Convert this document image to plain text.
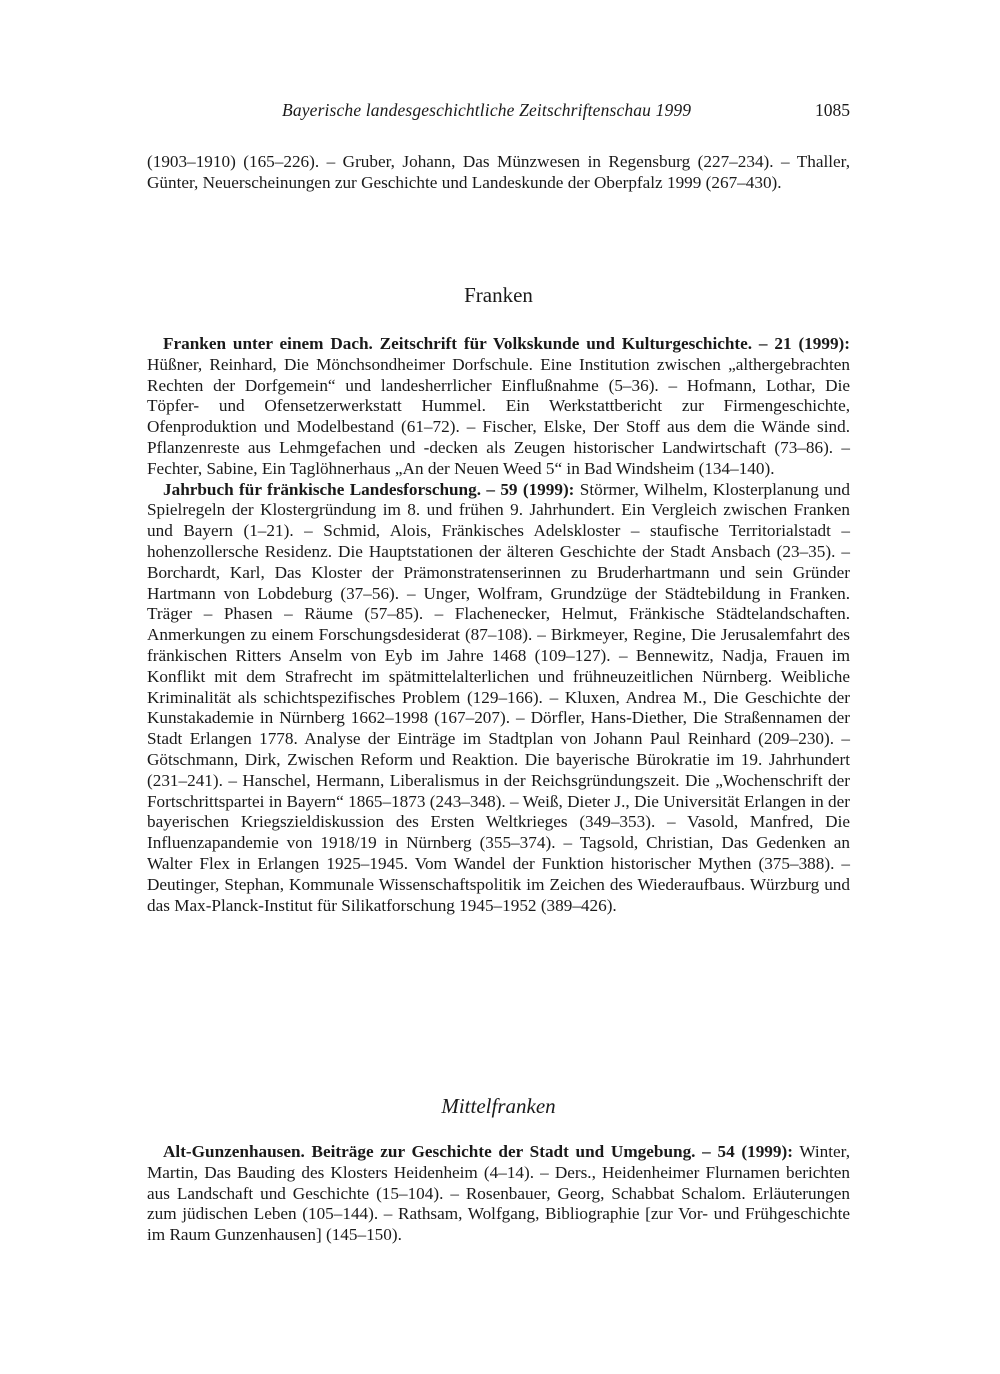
Bayerische landesgeschichtliche Zeitschriftenschau 1999	1085

(1903–1910) (165–226). – Gruber, Johann, Das Münzwesen in Regensburg (227–234). – Thaller, Günter, Neuerscheinungen zur Geschichte und Landeskunde der Oberpfalz 1999 (267–430).

Franken

Franken unter einem Dach. Zeitschrift für Volkskunde und Kulturgeschichte. – 21 (1999): Hüßner, Reinhard, Die Mönchsondheimer Dorfschule. Eine Institution zwischen „althergebrachten Rechten der Dorfgemein“ und landesherrlicher Einflußnahme (5–36). – Hofmann, Lothar, Die Töpfer- und Ofensetzerwerkstatt Hummel. Ein Werkstattbericht zur Firmengeschichte, Ofenproduktion und Modelbestand (61–72). – Fischer, Elske, Der Stoff aus dem die Wände sind. Pflanzenreste aus Lehmgefachen und -decken als Zeugen historischer Landwirtschaft (73–86). – Fechter, Sabine, Ein Taglöhnerhaus „An der Neuen Weed 5“ in Bad Windsheim (134–140).

Jahrbuch für fränkische Landesforschung. – 59 (1999): Störmer, Wilhelm, Klosterplanung und Spielregeln der Klostergründung im 8. und frühen 9. Jahrhundert. Ein Vergleich zwischen Franken und Bayern (1–21). – Schmid, Alois, Fränkisches Adelskloster – staufische Territorialstadt – hohenzollersche Residenz. Die Hauptstationen der älteren Geschichte der Stadt Ansbach (23–35). – Borchardt, Karl, Das Kloster der Prämonstratenserinnen zu Bruderhartmann und sein Gründer Hartmann von Lobdeburg (37–56). – Unger, Wolfram, Grundzüge der Städtebildung in Franken. Träger – Phasen – Räume (57–85). – Flachenecker, Helmut, Fränkische Städtelandschaften. Anmerkungen zu einem Forschungsdesiderat (87–108). – Birkmeyer, Regine, Die Jerusalemfahrt des fränkischen Ritters Anselm von Eyb im Jahre 1468 (109–127). – Bennewitz, Nadja, Frauen im Konflikt mit dem Strafrecht im spätmittelalterlichen und frühneuzeitlichen Nürnberg. Weibliche Kriminalität als schichtspezifisches Problem (129–166). – Kluxen, Andrea M., Die Geschichte der Kunstakademie in Nürnberg 1662–1998 (167–207). – Dörfler, Hans-Diether, Die Straßennamen der Stadt Erlangen 1778. Analyse der Einträge im Stadtplan von Johann Paul Reinhard (209–230). – Götschmann, Dirk, Zwischen Reform und Reaktion. Die bayerische Bürokratie im 19. Jahrhundert (231–241). – Hanschel, Hermann, Liberalismus in der Reichsgründungszeit. Die „Wochenschrift der Fortschrittspartei in Bayern“ 1865–1873 (243–348). – Weiß, Dieter J., Die Universität Erlangen in der bayerischen Kriegszieldiskussion des Ersten Weltkrieges (349–353). – Vasold, Manfred, Die Influenzapandemie von 1918/19 in Nürnberg (355–374). – Tagsold, Christian, Das Gedenken an Walter Flex in Erlangen 1925–1945. Vom Wandel der Funktion historischer Mythen (375–388). – Deutinger, Stephan, Kommunale Wissenschaftspolitik im Zeichen des Wiederaufbaus. Würzburg und das Max-Planck-Institut für Silikatforschung 1945–1952 (389–426).

Mittelfranken

Alt-Gunzenhausen. Beiträge zur Geschichte der Stadt und Umgebung. – 54 (1999): Winter, Martin, Das Bauding des Klosters Heidenheim (4–14). – Ders., Heidenheimer Flurnamen berichten aus Landschaft und Geschichte (15–104). – Rosenbauer, Georg, Schabbat Schalom. Erläuterungen zum jüdischen Leben (105–144). – Rathsam, Wolfgang, Bibliographie [zur Vor- und Frühgeschichte im Raum Gunzenhausen] (145–150).
